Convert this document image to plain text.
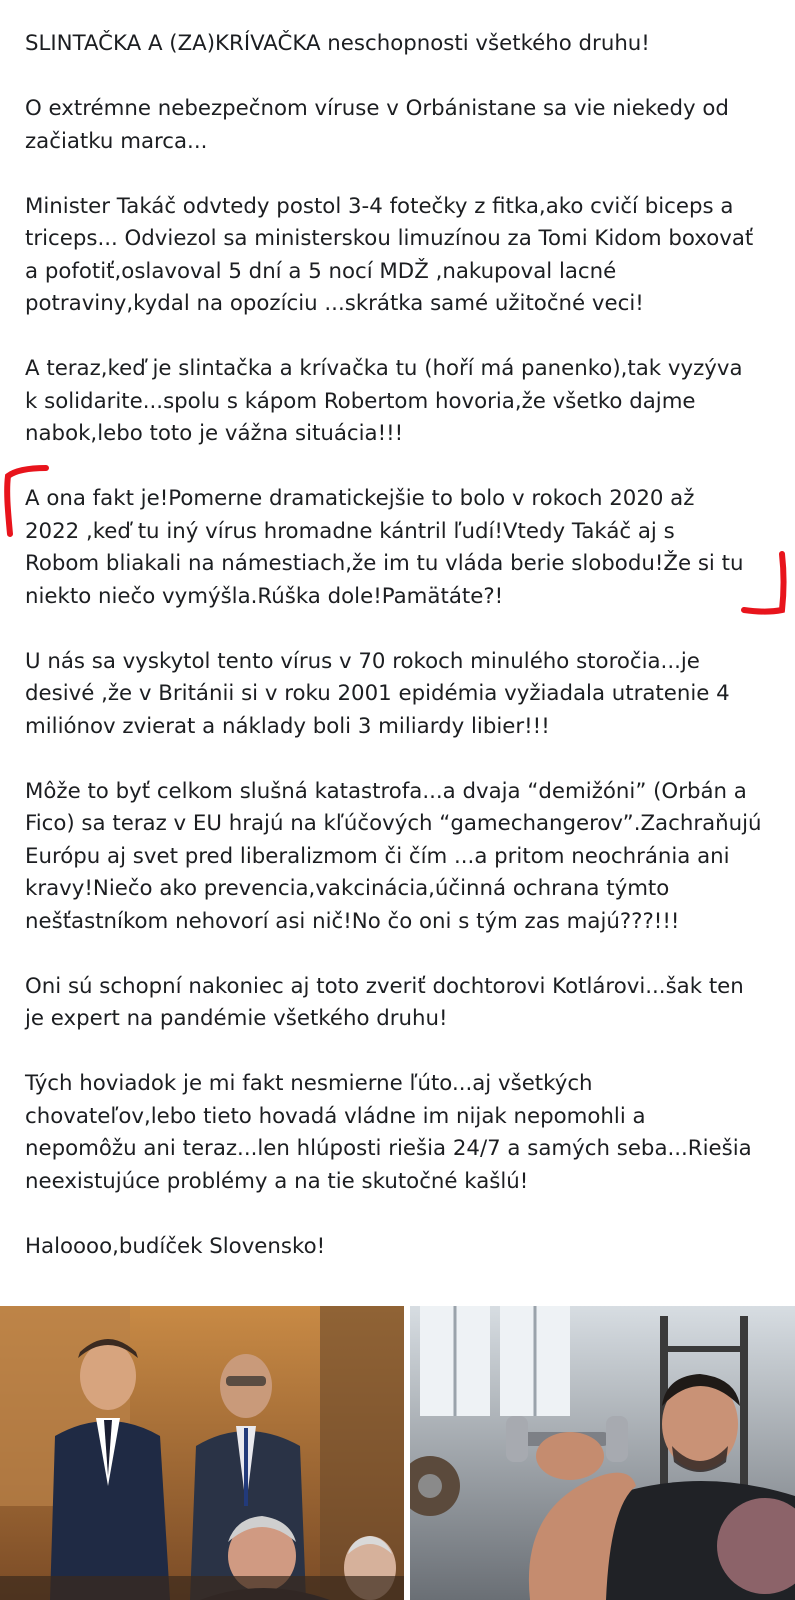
SLINTAČKA A (ZA)KRÍVAČKA neschopnosti všetkého druhu!

O extrémne nebezpečnom víruse v Orbánistane sa vie niekedy od
začiatku marca...

Minister Takáč odvtedy postol 3-4 fotečky z fitka,ako cvičí biceps a
triceps... Odviezol sa ministerskou limuzínou za Tomi Kidom boxovať
a pofotiť,oslavoval 5 dní a 5 nocí MDŽ ,nakupoval lacné
potraviny,kydal na opozíciu ...skrátka samé užitočné veci!

A teraz,keď je slintačka a krívačka tu (hoří má panenko),tak vyzýva
k solidarite...spolu s kápom Robertom hovoria,že všetko dajme
nabok,lebo toto je vážna situácia!!!

A ona fakt je!Pomerne dramatickejšie to bolo v rokoch 2020 až
2022 ,keď tu iný vírus hromadne kántril ľudí!Vtedy Takáč aj s
Robom bliakali na námestiach,že im tu vláda berie slobodu!Že si tu
niekto niečo vymýšla.Rúška dole!Pamätáte?!

U nás sa vyskytol tento vírus v 70 rokoch minulého storočia...je
desivé ,že v Británii si v roku 2001 epidémia vyžiadala utratenie 4
miliónov zvierat a náklady boli 3 miliardy libier!!!

Môže to byť celkom slušná katastrofa...a dvaja “demižóni” (Orbán a
Fico) sa teraz v EU hrajú na kľúčových “gamechangerov”.Zachraňujú
Európu aj svet pred liberalizmom či čím ...a pritom neochránia ani
kravy!Niečo ako prevencia,vakcinácia,účinná ochrana týmto
nešťastníkom nehovorí asi nič!No čo oni s tým zas majú???!!!

Oni sú schopní nakoniec aj toto zveriť dochtorovi Kotlárovi...šak ten
je expert na pandémie všetkého druhu!

Tých hoviadok je mi fakt nesmierne ľúto...aj všetkých
chovateľov,lebo tieto hovadá vládne im nijak nepomohli a
nepomôžu ani teraz...len hlúposti riešia 24/7 a samých seba...Riešia
neexistujúce problémy a na tie skutočné kašlú!

Haloooo,budíček Slovensko!
